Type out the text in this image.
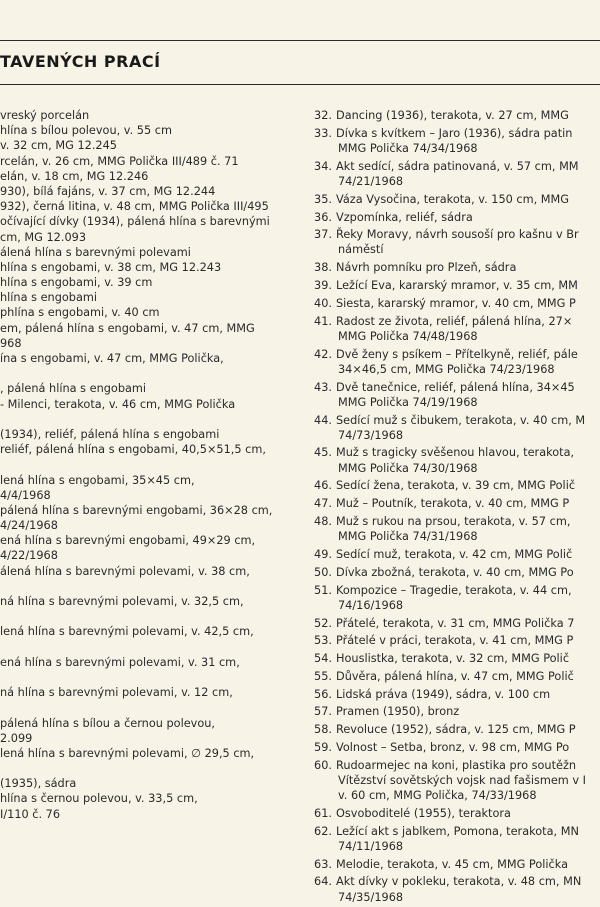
TAVENÝCH PRACÍ
vreský porcelán
hlína s bílou polevou, v. 55 cm
v. 32 cm, MG 12.245
rcelán, v. 26 cm, MMG Polička III/489 č. 71
elán, v. 18 cm, MG 12.246
930), bílá fajáns, v. 37 cm, MG 12.244
932), černá litina, v. 48 cm, MMG Polička III/495
očívající dívky (1934), pálená hlína s barevnými
cm, MG 12.093
álená hlína s barevnými polevami
hlína s engobami, v. 38 cm, MG 12.243
hlína s engobami, v. 39 cm
hlína s engobami
phlína s engobami, v. 40 cm
em, pálená hlína s engobami, v. 47 cm, MMG
968
ína s engobami, v. 47 cm, MMG Polička,
, pálená hlína s engobami
- Milenci, terakota, v. 46 cm, MMG Polička
(1934), reliéf, pálená hlína s engobami
reliéf, pálená hlína s engobami, 40,5×51,5 cm,
lená hlína s engobami, 35×45 cm,
4/4/1968
pálená hlína s barevnými engobami, 36×28 cm,
4/24/1968
ená hlína s barevnými engobami, 49×29 cm,
4/22/1968
álená hlína s barevnými polevami, v. 38 cm,
ná hlína s barevnými polevami, v. 32,5 cm,
lená hlína s barevnými polevami, v. 42,5 cm,
ená hlína s barevnými polevami, v. 31 cm,
ná hlína s barevnými polevami, v. 12 cm,
pálená hlína s bílou a černou polevou,
2.099
lená hlína s barevnými polevami, ∅ 29,5 cm,
(1935), sádra
hlína s černou polevou, v. 33,5 cm,
I/110 č. 76
32. Dancing (1936), terakota, v. 27 cm, MMG
33. Dívka s kvítkem – Jaro (1936), sádra patin
MMG Polička 74/34/1968
34. Akt sedící, sádra patinovaná, v. 57 cm, MM
74/21/1968
35. Váza Vysočina, terakota, v. 150 cm, MMG
36. Vzpomínka, reliéf, sádra
37. Řeky Moravy, návrh sousoší pro kašnu v Br
náměstí
38. Návrh pomníku pro Plzeň, sádra
39. Ležící Eva, kararský mramor, v. 35 cm, MM
40. Siesta, kararský mramor, v. 40 cm, MMG P
41. Radost ze života, reliéf, pálená hlína, 27×
MMG Polička 74/48/1968
42. Dvě ženy s psíkem – Přítelkyně, reliéf, pále
34×46,5 cm, MMG Polička 74/23/1968
43. Dvě tanečnice, reliéf, pálená hlína, 34×45
MMG Polička 74/19/1968
44. Sedící muž s čibukem, terakota, v. 40 cm, M
74/73/1968
45. Muž s tragicky svěšenou hlavou, terakota,
MMG Polička 74/30/1968
46. Sedící žena, terakota, v. 39 cm, MMG Polič
47. Muž – Poutník, terakota, v. 40 cm, MMG P
48. Muž s rukou na prsou, terakota, v. 57 cm,
MMG Polička 74/31/1968
49. Sedící muž, terakota, v. 42 cm, MMG Polič
50. Dívka zbožná, terakota, v. 40 cm, MMG Po
51. Kompozice – Tragedie, terakota, v. 44 cm,
74/16/1968
52. Přátelé, terakota, v. 31 cm, MMG Polička 7
53. Přátelé v práci, terakota, v. 41 cm, MMG P
54. Houslistka, terakota, v. 32 cm, MMG Polič
55. Důvěra, pálená hlína, v. 47 cm, MMG Polič
56. Lidská práva (1949), sádra, v. 100 cm
57. Pramen (1950), bronz
58. Revoluce (1952), sádra, v. 125 cm, MMG P
59. Volnost – Setba, bronz, v. 98 cm, MMG Po
60. Rudoarmejec na koni, plastika pro soutěžn
Vítězství sovětských vojsk nad fašismem v I
v. 60 cm, MMG Polička, 74/33/1968
61. Osvoboditelé (1955), teraktora
62. Ležící akt s jablkem, Pomona, terakota, MN
74/11/1968
63. Melodie, terakota, v. 45 cm, MMG Polička
64. Akt dívky v pokleku, terakota, v. 48 cm, MN
74/35/1968
